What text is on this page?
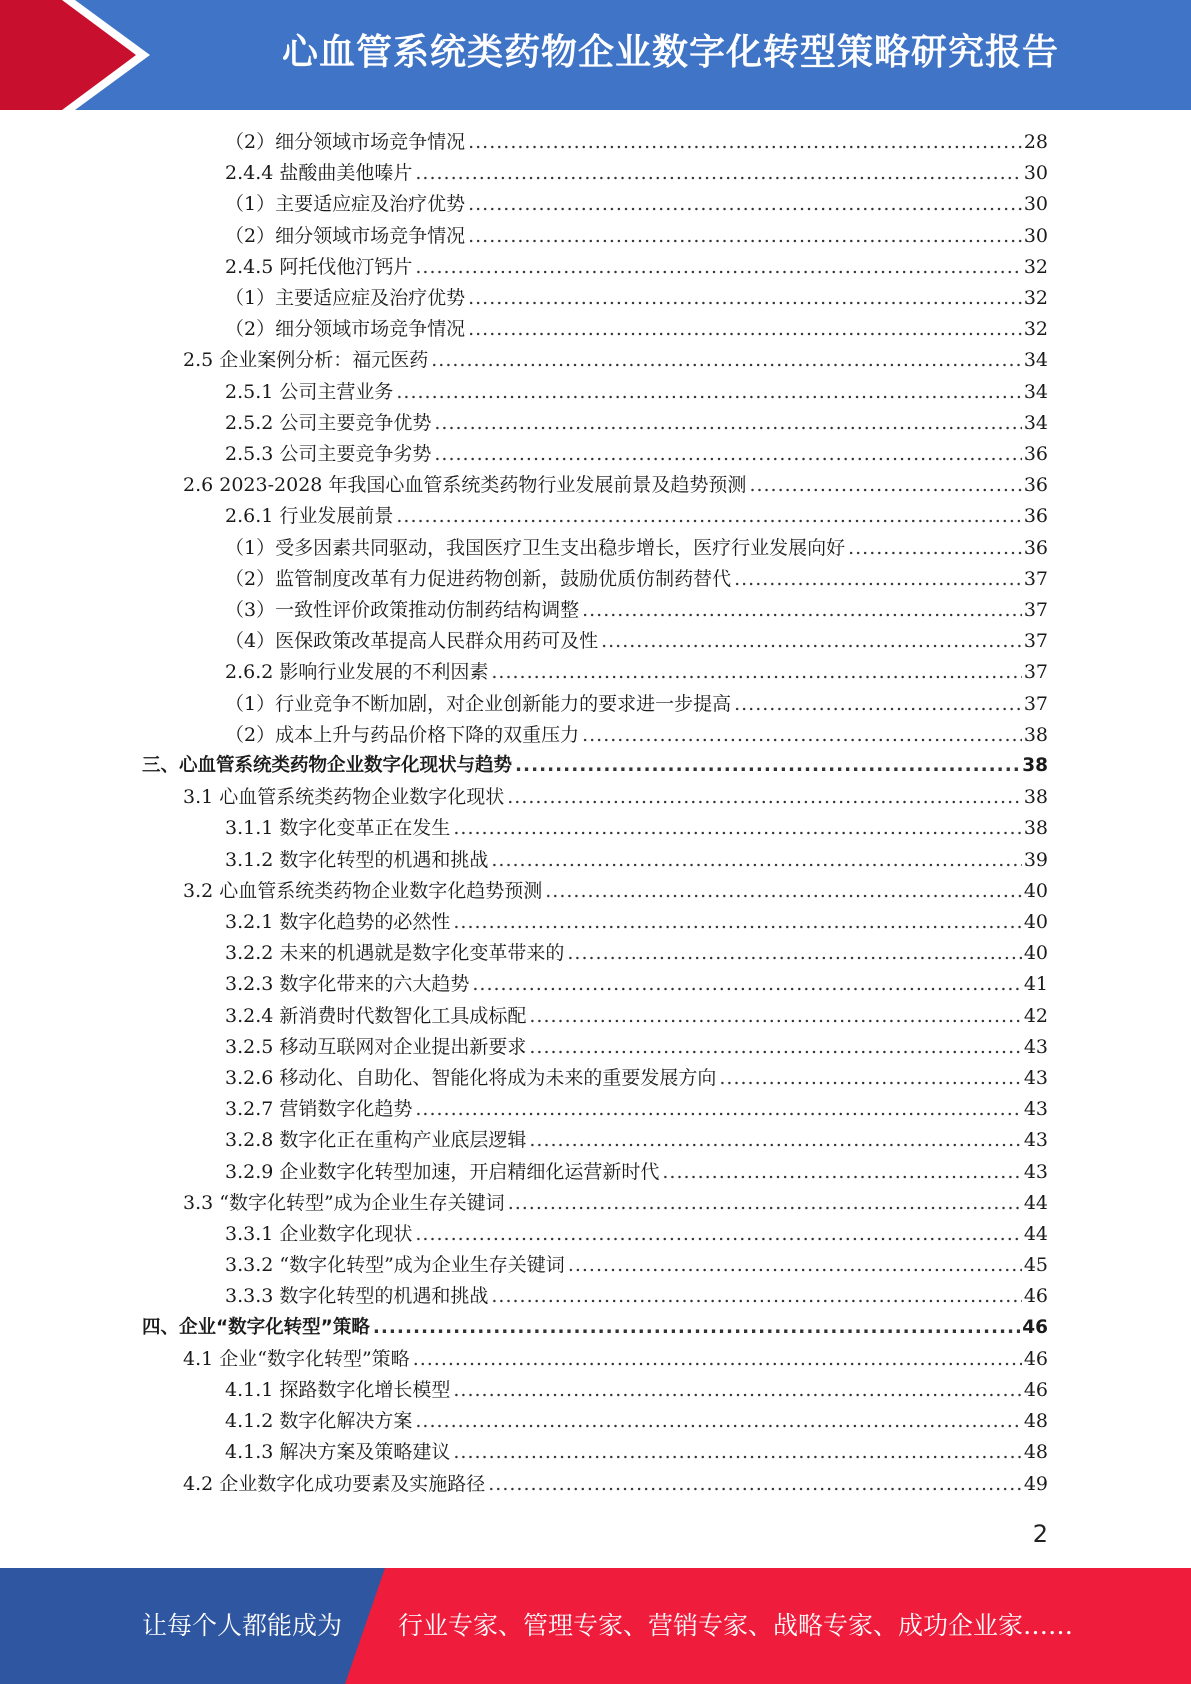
心血管系统类药物企业数字化转型策略研究报告
（2）细分领域市场竞争情况 .....	28
2.4.4 盐酸曲美他嗪片 .....	30
（1）主要适应症及治疗优势 .....	30
（2）细分领域市场竞争情况 .....	30
2.4.5 阿托伐他汀钙片 .....	32
（1）主要适应症及治疗优势 .....	32
（2）细分领域市场竞争情况 .....	32
2.5 企业案例分析：福元医药 .....	34
2.5.1 公司主营业务 .....	34
2.5.2 公司主要竞争优势 .....	34
2.5.3 公司主要竞争劣势 .....	36
2.6 2023-2028 年我国心血管系统类药物行业发展前景及趋势预测 .....	36
2.6.1 行业发展前景 .....	36
（1）受多因素共同驱动，我国医疗卫生支出稳步增长，医疗行业发展向好 .....	36
（2）监管制度改革有力促进药物创新，鼓励优质仿制药替代 .....	37
（3）一致性评价政策推动仿制药结构调整 .....	37
（4）医保政策改革提高人民群众用药可及性 .....	37
2.6.2 影响行业发展的不利因素 .....	37
（1）行业竞争不断加剧，对企业创新能力的要求进一步提高 .....	37
（2）成本上升与药品价格下降的双重压力 .....	38
三、心血管系统类药物企业数字化现状与趋势 .....	38
3.1 心血管系统类药物企业数字化现状 .....	38
3.1.1 数字化变革正在发生 .....	38
3.1.2 数字化转型的机遇和挑战 .....	39
3.2 心血管系统类药物企业数字化趋势预测 .....	40
3.2.1 数字化趋势的必然性 .....	40
3.2.2 未来的机遇就是数字化变革带来的 .....	40
3.2.3 数字化带来的六大趋势 .....	41
3.2.4 新消费时代数智化工具成标配 .....	42
3.2.5 移动互联网对企业提出新要求 .....	43
3.2.6 移动化、自助化、智能化将成为未来的重要发展方向 .....	43
3.2.7 营销数字化趋势 .....	43
3.2.8 数字化正在重构产业底层逻辑 .....	43
3.2.9 企业数字化转型加速，开启精细化运营新时代 .....	43
3.3 “数字化转型”成为企业生存关键词 .....	44
3.3.1 企业数字化现状 .....	44
3.3.2 “数字化转型”成为企业生存关键词 .....	45
3.3.3 数字化转型的机遇和挑战 .....	46
四、企业“数字化转型”策略 .....	46
4.1 企业“数字化转型”策略 .....	46
4.1.1 探路数字化增长模型 .....	46
4.1.2 数字化解决方案 .....	48
4.1.3 解决方案及策略建议 .....	48
4.2 企业数字化成功要素及实施路径 .....	49
2
让每个人都能成为 行业专家、管理专家、营销专家、战略专家、成功企业家……
